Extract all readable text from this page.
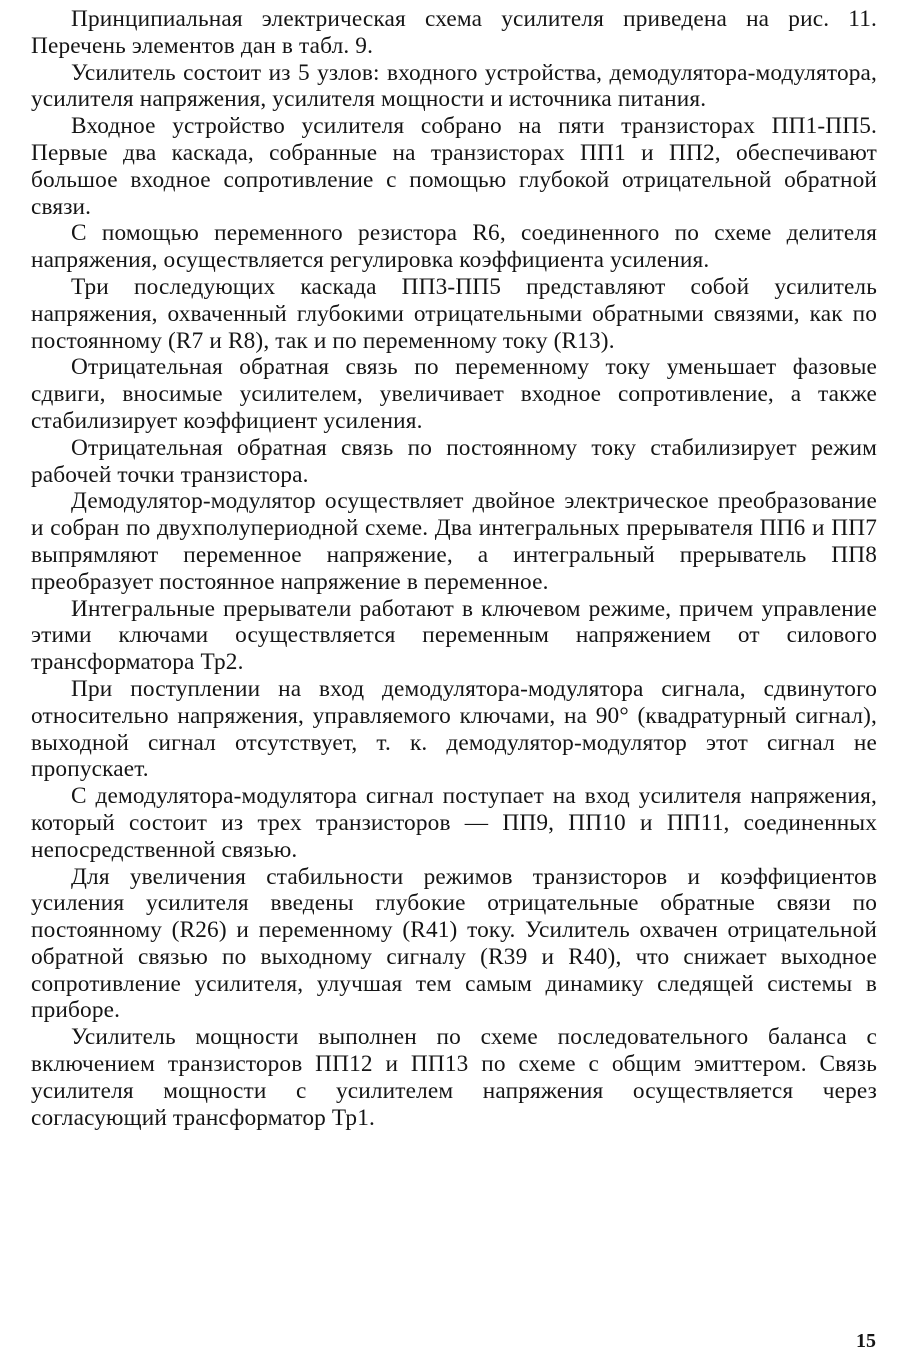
Принципиальная электрическая схема усилителя приведена на рис. 11. Перечень элементов дан в табл. 9.

Усилитель состоит из 5 узлов: входного устройства, демодулятора-модулятора, усилителя напряжения, усилителя мощности и источника питания.

Входное устройство усилителя собрано на пяти транзисторах ПП1-ПП5. Первые два каскада, собранные на транзисторах ПП1 и ПП2, обеспечивают большое входное сопротивление с помощью глубокой отрицательной обратной связи.

С помощью переменного резистора R6, соединенного по схеме делителя напряжения, осуществляется регулировка коэффициента усиления.

Три последующих каскада ПП3-ПП5 представляют собой усилитель напряжения, охваченный глубокими отрицательными обратными связями, как по постоянному (R7 и R8), так и по переменному току (R13).

Отрицательная обратная связь по переменному току уменьшает фазовые сдвиги, вносимые усилителем, увеличивает входное сопротивление, а также стабилизирует коэффициент усиления.

Отрицательная обратная связь по постоянному току стабилизирует режим рабочей точки транзистора.

Демодулятор-модулятор осуществляет двойное электрическое преобразование и собран по двухполупериодной схеме. Два интегральных прерывателя ПП6 и ПП7 выпрямляют переменное напряжение, а интегральный прерыватель ПП8 преобразует постоянное напряжение в переменное.

Интегральные прерыватели работают в ключевом режиме, причем управление этими ключами осуществляется переменным напряжением от силового трансформатора Тр2.

При поступлении на вход демодулятора-модулятора сигнала, сдвинутого относительно напряжения, управляемого ключами, на 90° (квадратурный сигнал), выходной сигнал отсутствует, т. к. демодулятор-модулятор этот сигнал не пропускает.

С демодулятора-модулятора сигнал поступает на вход усилителя напряжения, который состоит из трех транзисторов — ПП9, ПП10 и ПП11, соединенных непосредственной связью.

Для увеличения стабильности режимов транзисторов и коэффициентов усиления усилителя введены глубокие отрицательные обратные связи по постоянному (R26) и переменному (R41) току. Усилитель охвачен отрицательной обратной связью по выходному сигналу (R39 и R40), что снижает выходное сопротивление усилителя, улучшая тем самым динамику следящей системы в приборе.

Усилитель мощности выполнен по схеме последовательного баланса с включением транзисторов ПП12 и ПП13 по схеме с общим эмиттером. Связь усилителя мощности с усилителем напряжения осуществляется через согласующий трансформатор Тр1.

15
